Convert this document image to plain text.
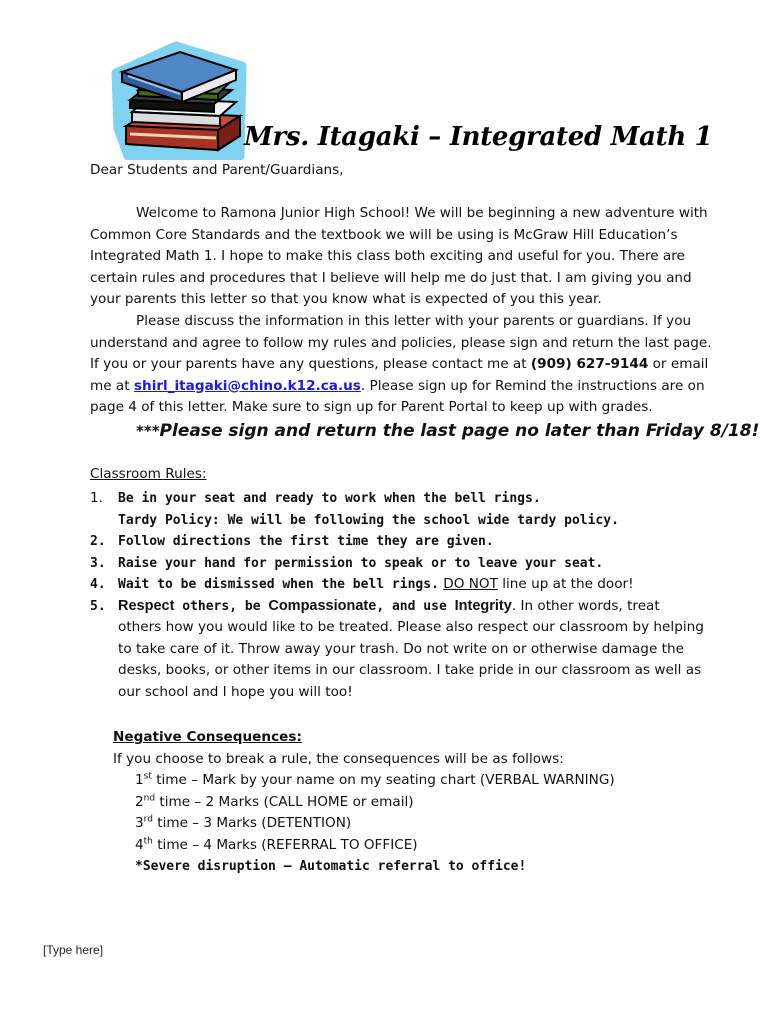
Mrs. Itagaki – Integrated Math 1
Dear Students and Parent/Guardians,
Welcome to Ramona Junior High School! We will be beginning a new adventure with
Common Core Standards and the textbook we will be using is McGraw Hill Education’s
Integrated Math 1. I hope to make this class both exciting and useful for you. There are
certain rules and procedures that I believe will help me do just that. I am giving you and
your parents this letter so that you know what is expected of you this year.
Please discuss the information in this letter with your parents or guardians. If you
understand and agree to follow my rules and policies, please sign and return the last page.
If you or your parents have any questions, please contact me at (909) 627-9144 or email
me at shirl_itagaki@chino.k12.ca.us. Please sign up for Remind the instructions are on
page 4 of this letter. Make sure to sign up for Parent Portal to keep up with grades.
***Please sign and return the last page no later than Friday 8/18!
Classroom Rules:
1. Be in your seat and ready to work when the bell rings.
Tardy Policy: We will be following the school wide tardy policy.
2. Follow directions the first time they are given.
3. Raise your hand for permission to speak or to leave your seat.
4. Wait to be dismissed when the bell rings. DO NOT line up at the door!
5. Respect others, be Compassionate, and use Integrity. In other words, treat
others how you would like to be treated. Please also respect our classroom by helping
to take care of it. Throw away your trash. Do not write on or otherwise damage the
desks, books, or other items in our classroom. I take pride in our classroom as well as
our school and I hope you will too!
Negative Consequences:
If you choose to break a rule, the consequences will be as follows:
1st time – Mark by your name on my seating chart (VERBAL WARNING)
2nd time – 2 Marks (CALL HOME or email)
3rd time – 3 Marks (DETENTION)
4th time – 4 Marks (REFERRAL TO OFFICE)
*Severe disruption – Automatic referral to office!
[Type here]
